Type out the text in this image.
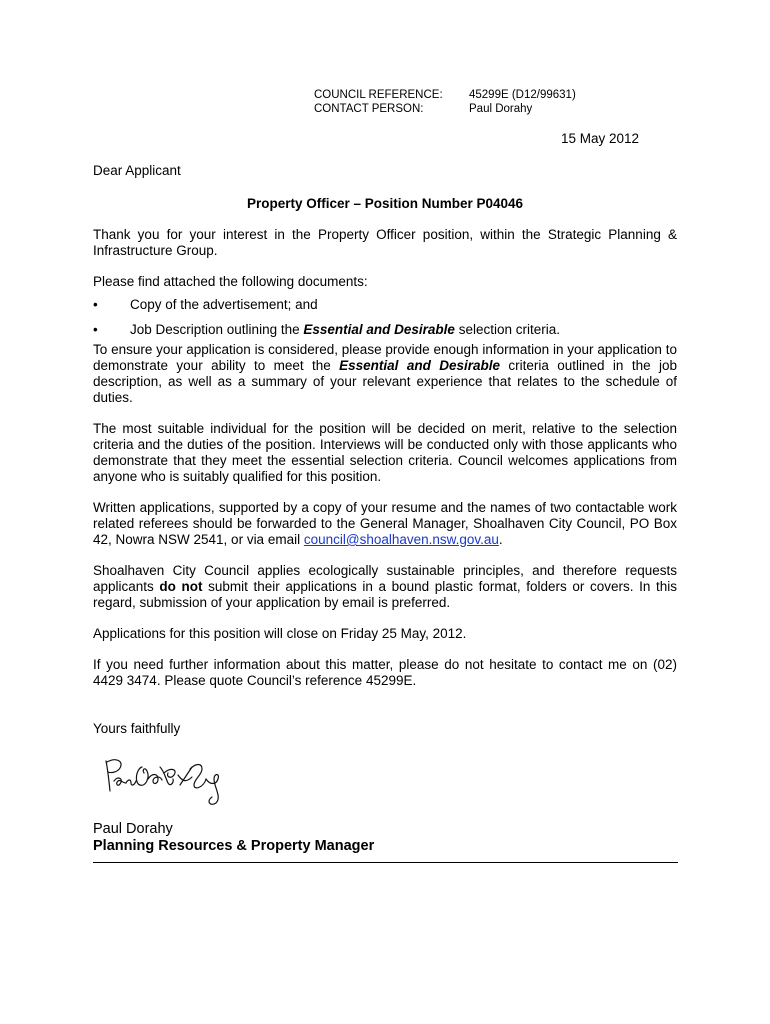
COUNCIL REFERENCE:	45299E (D12/99631)
CONTACT PERSON:	Paul Dorahy
15 May 2012

Dear Applicant

Property Officer – Position Number P04046

Thank you for your interest in the Property Officer position, within the Strategic Planning & Infrastructure Group.

Please find attached the following documents:

• Copy of the advertisement; and
• Job Description outlining the Essential and Desirable selection criteria.

To ensure your application is considered, please provide enough information in your application to demonstrate your ability to meet the Essential and Desirable criteria outlined in the job description, as well as a summary of your relevant experience that relates to the schedule of duties.

The most suitable individual for the position will be decided on merit, relative to the selection criteria and the duties of the position. Interviews will be conducted only with those applicants who demonstrate that they meet the essential selection criteria. Council welcomes applications from anyone who is suitably qualified for this position.

Written applications, supported by a copy of your resume and the names of two contactable work related referees should be forwarded to the General Manager, Shoalhaven City Council, PO Box 42, Nowra NSW 2541, or via email council@shoalhaven.nsw.gov.au.

Shoalhaven City Council applies ecologically sustainable principles, and therefore requests applicants do not submit their applications in a bound plastic format, folders or covers. In this regard, submission of your application by email is preferred.

Applications for this position will close on Friday 25 May, 2012.

If you need further information about this matter, please do not hesitate to contact me on (02) 4429 3474. Please quote Council’s reference 45299E.

Yours faithfully

Paul Dorahy

Planning Resources & Property Manager
